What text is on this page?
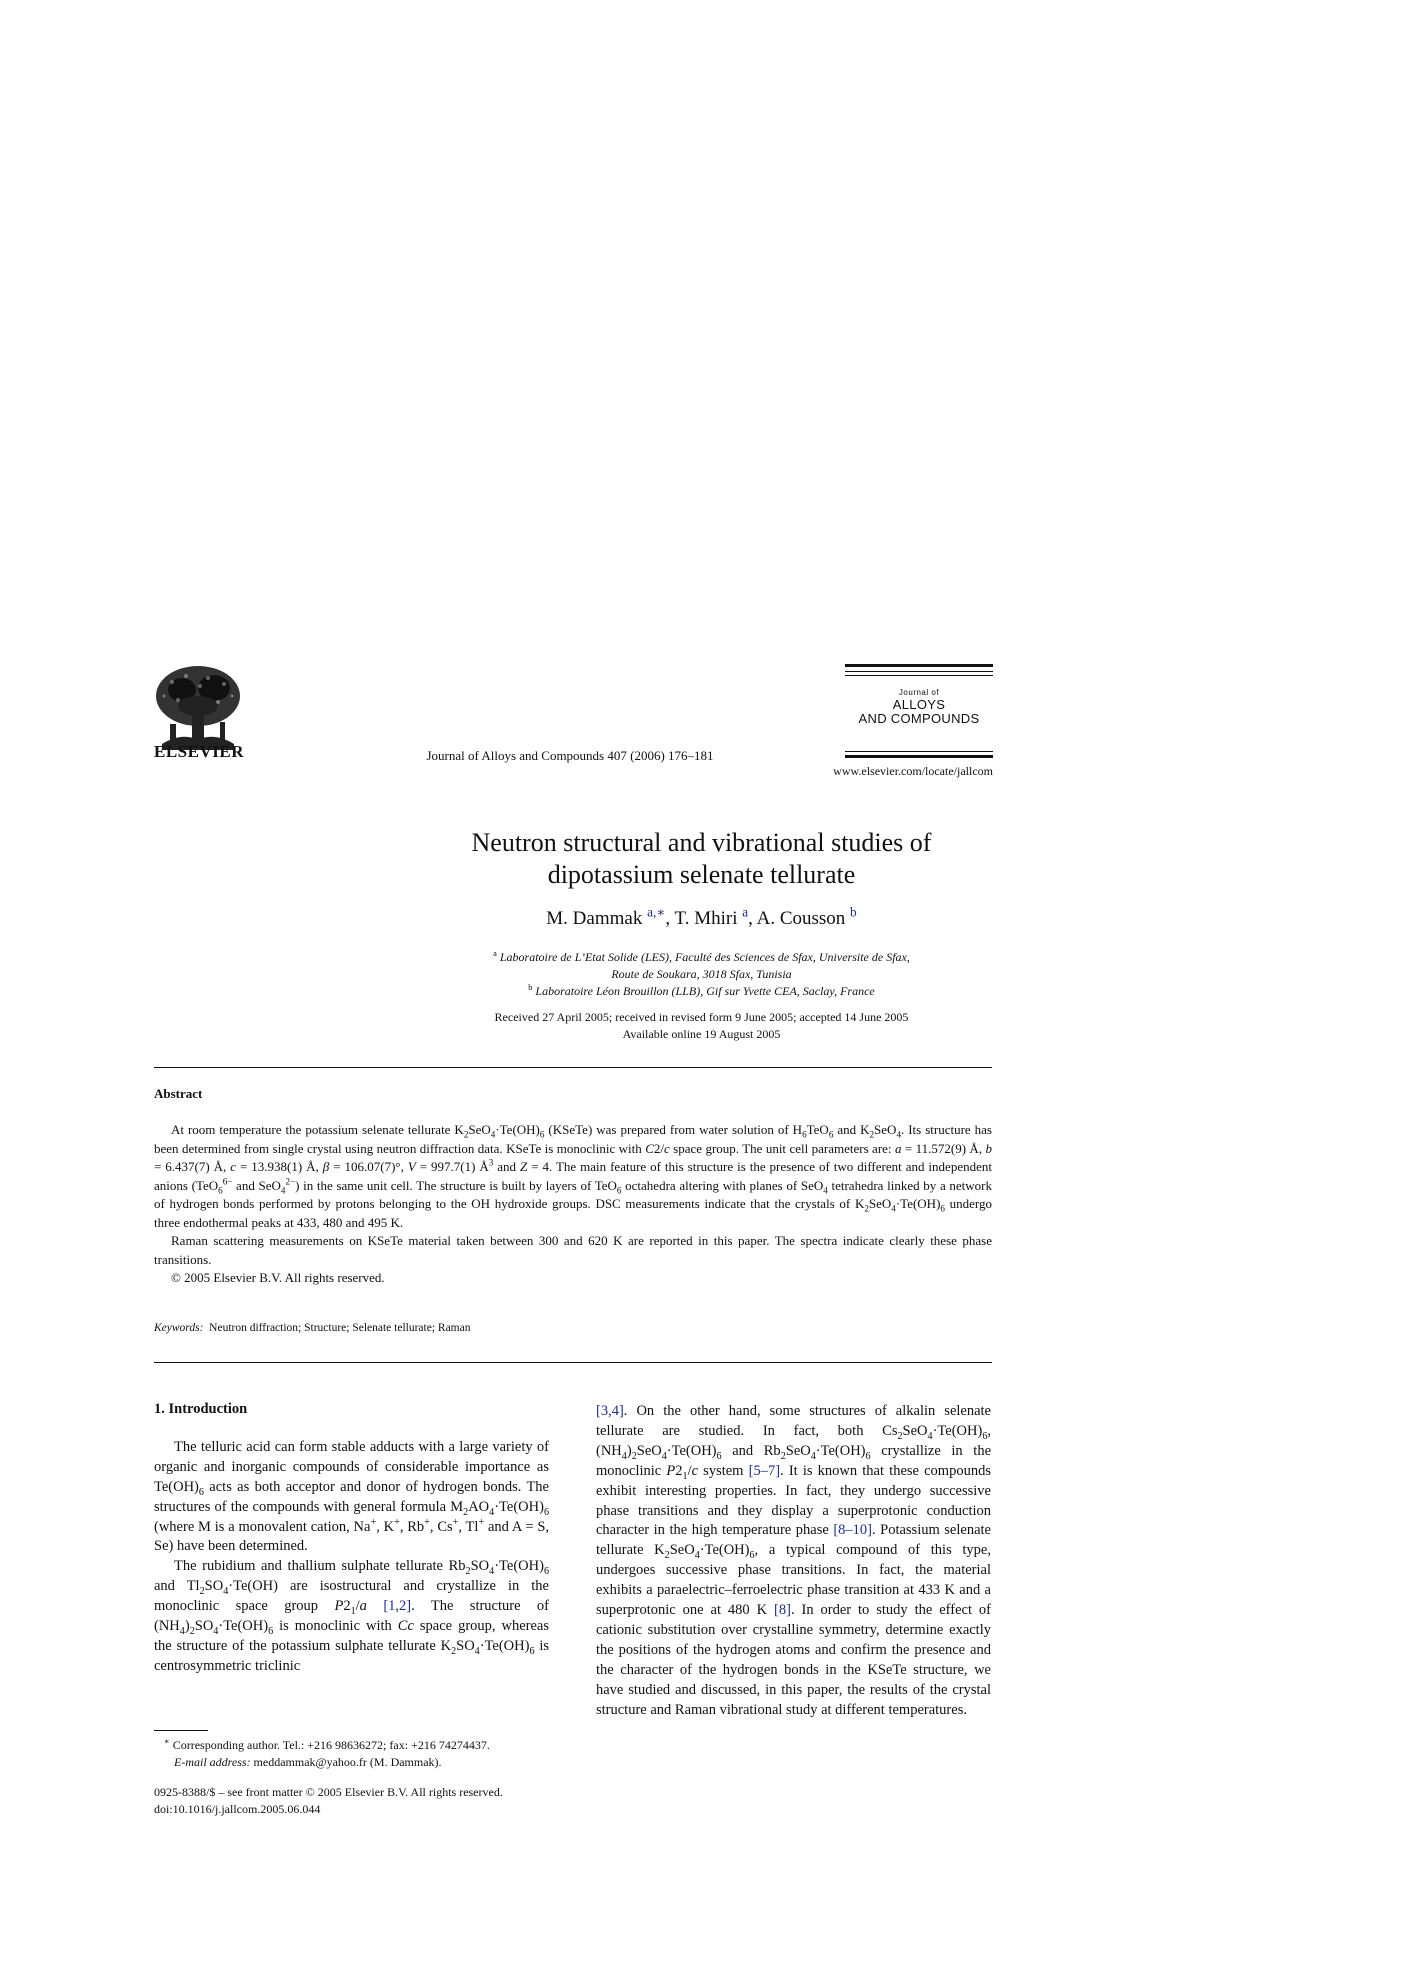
ELSEVIER	Journal of Alloys and Compounds 407 (2006) 176–181
Journal of
ALLOYS
AND COMPOUNDS
www.elsevier.com/locate/jallcom
Neutron structural and vibrational studies of
dipotassium selenate tellurate
M. Dammak $^{a,∗}$, T. Mhiri $^a$, A. Cousson $^b$
$^a$ Laboratoire de L’Etat Solide (LES), Faculté des Sciences de Sfax, Universite de Sfax,
Route de Soukara, 3018 Sfax, Tunisia
$^b$ Laboratoire Léon Brouillon (LLB), Gif sur Yvette CEA, Saclay, France
Received 27 April 2005; received in revised form 9 June 2005; accepted 14 June 2005
Available online 19 August 2005
Abstract

At room temperature the potassium selenate tellurate $K_2SeO_4\cdot Te(OH)_6$ (KSeTe) was prepared from water solution of $H_6TeO_6$ and $K_2SeO_4$. Its structure has been determined from single crystal using neutron diffraction data. KSeTe is monoclinic with C2/c space group. The unit cell parameters are: a = 11.572(9) Å, b = 6.437(7) Å, c = 13.938(1) Å, β = 106.07(7)°, V = 997.7(1) $Å^3$ and Z = 4. The main feature of this structure is the presence of two different and independent anions (TeO$_6^{6-}$ and SeO$_4^{2-}$) in the same unit cell. The structure is built by layers of TeO$_6$ octahedra altering with planes of SeO$_4$ tetrahedra linked by a network of hydrogen bonds performed by protons belonging to the OH hydroxide groups. DSC measurements indicate that the crystals of $K_2SeO_4\cdot Te(OH)_6$ undergo three endothermal peaks at 433, 480 and 495 K.

Raman scattering measurements on KSeTe material taken between 300 and 620 K are reported in this paper. The spectra indicate clearly these phase transitions.

© 2005 Elsevier B.V. All rights reserved.

Keywords: Neutron diffraction; Structure; Selenate tellurate; Raman

1. Introduction

The telluric acid can form stable adducts with a large variety of organic and inorganic compounds of considerable importance as $Te(OH)_6$ acts as both acceptor and donor of hydrogen bonds. The structures of the compounds with general formula $M_2AO_4\cdot Te(OH)_6$ (where M is a monovalent cation, Na+, K+, Rb+, Cs+, Tl+ and A = S, Se) have been determined.

The rubidium and thallium sulphate tellurate $Rb_2SO_4\cdot Te(OH)_6$ and $Tl_2SO_4\cdot Te(OH)$ are isostructural and crystallize in the monoclinic space group $P2_1/a$ [1,2]. The structure of $(NH_4)_2SO_4\cdot Te(OH)_6$ is monoclinic with Cc space group, whereas the structure of the potassium sulphate tellurate $K_2SO_4\cdot Te(OH)_6$ is centrosymmetric triclinic

[3,4]. On the other hand, some structures of alkalin selenate tellurate are studied. In fact, both $Cs_2SeO_4\cdot Te(OH)_6$, $(NH_4)_2SeO_4\cdot Te(OH)_6$ and $Rb_2SeO_4\cdot Te(OH)_6$ crystallize in the monoclinic $P2_1/c$ system [5–7]. It is known that these compounds exhibit interesting properties. In fact, they undergo successive phase transitions and they display a superprotonic conduction character in the high temperature phase [8–10]. Potassium selenate tellurate $K_2SeO_4\cdot Te(OH)_6$, a typical compound of this type, undergoes successive phase transitions. In fact, the material exhibits a paraelectric–ferroelectric phase transition at 433 K and a superprotonic one at 480 K [8]. In order to study the effect of cationic substitution over crystalline symmetry, determine exactly the positions of the hydrogen atoms and confirm the presence and the character of the hydrogen bonds in the KSeTe structure, we have studied and discussed, in this paper, the results of the crystal structure and Raman vibrational study at different temperatures.

∗ Corresponding author. Tel.: +216 98636272; fax: +216 74274437.

E-mail address: meddammak@yahoo.fr (M. Dammak).

0925-8388/$ – see front matter © 2005 Elsevier B.V. All rights reserved.

doi:10.1016/j.jallcom.2005.06.044
